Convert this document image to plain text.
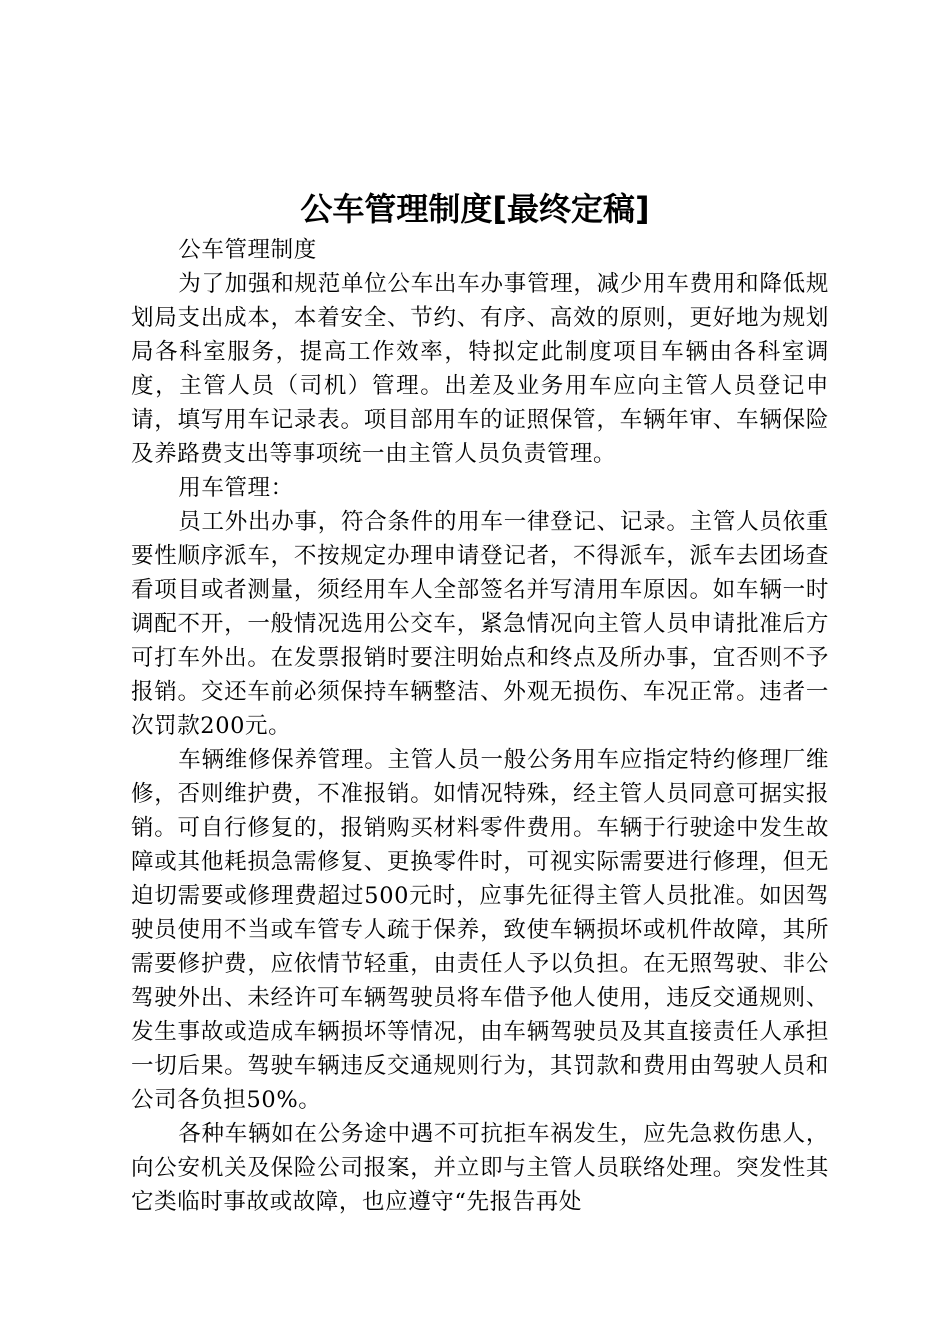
公车管理制度[最终定稿]

公车管理制度

为了加强和规范单位公车出车办事管理，减少用车费用和降低规划局支出成本，本着安全、节约、有序、高效的原则，更好地为规划局各科室服务，提高工作效率，特拟定此制度项目车辆由各科室调度，主管人员（司机）管理。出差及业务用车应向主管人员登记申请，填写用车记录表。项目部用车的证照保管，车辆年审、车辆保险及养路费支出等事项统一由主管人员负责管理。

用车管理：

员工外出办事，符合条件的用车一律登记、记录。主管人员依重要性顺序派车，不按规定办理申请登记者，不得派车，派车去团场查看项目或者测量，须经用车人全部签名并写清用车原因。如车辆一时调配不开，一般情况选用公交车，紧急情况向主管人员申请批准后方可打车外出。在发票报销时要注明始点和终点及所办事，宜否则不予报销。交还车前必须保持车辆整洁、外观无损伤、车况正常。违者一次罚款200元。

车辆维修保养管理。主管人员一般公务用车应指定特约修理厂维修，否则维护费，不准报销。如情况特殊，经主管人员同意可据实报销。可自行修复的，报销购买材料零件费用。车辆于行驶途中发生故障或其他耗损急需修复、更换零件时，可视实际需要进行修理，但无迫切需要或修理费超过500元时，应事先征得主管人员批准。如因驾驶员使用不当或车管专人疏于保养，致使车辆损坏或机件故障，其所需要修护费，应依情节轻重，由责任人予以负担。在无照驾驶、非公驾驶外出、未经许可车辆驾驶员将车借予他人使用，违反交通规则、发生事故或造成车辆损坏等情况，由车辆驾驶员及其直接责任人承担一切后果。驾驶车辆违反交通规则行为，其罚款和费用由驾驶人员和公司各负担50%。

各种车辆如在公务途中遇不可抗拒车祸发生，应先急救伤患人，向公安机关及保险公司报案，并立即与主管人员联络处理。突发性其它类临时事故或故障，也应遵守“先报告再处
